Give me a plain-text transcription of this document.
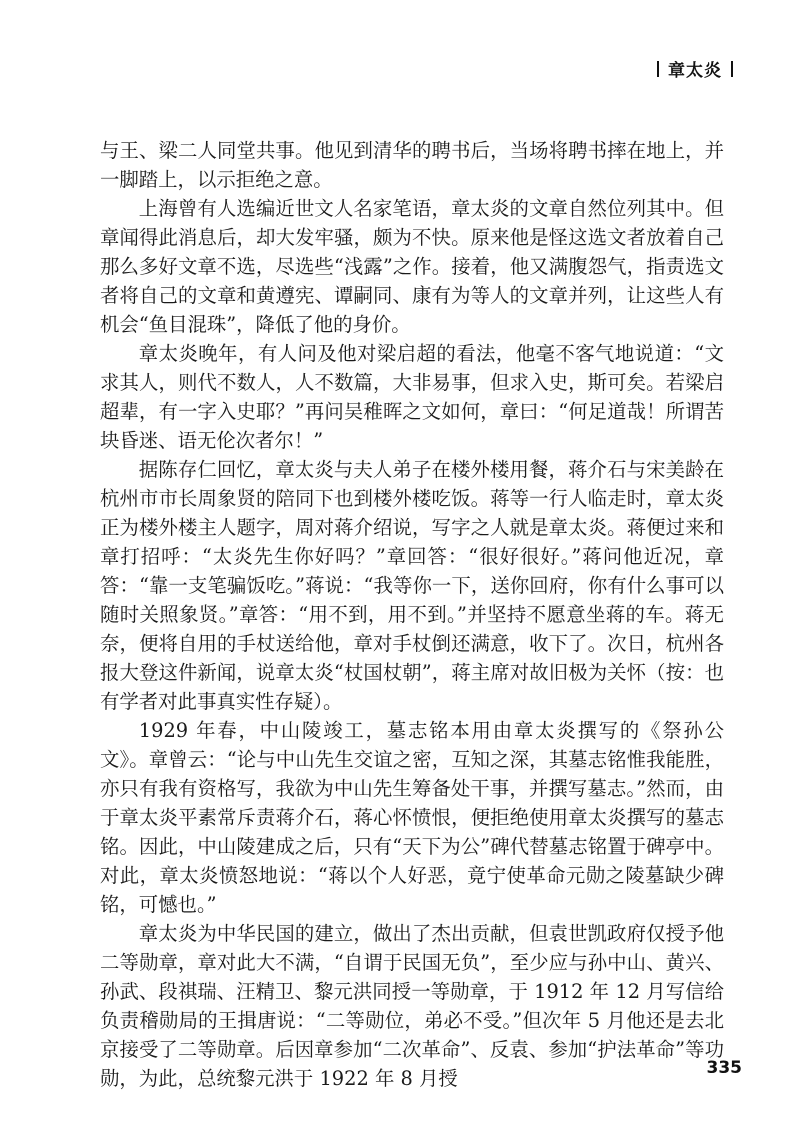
章太炎

与王、梁二人同堂共事。他见到清华的聘书后，当场将聘书摔在地上，并一脚踏上，以示拒绝之意。

上海曾有人选编近世文人名家笔语，章太炎的文章自然位列其中。但章闻得此消息后，却大发牢骚，颇为不快。原来他是怪这选文者放着自己那么多好文章不选，尽选些“浅露”之作。接着，他又满腹怨气，指责选文者将自己的文章和黄遵宪、谭嗣同、康有为等人的文章并列，让这些人有机会“鱼目混珠”，降低了他的身价。

章太炎晚年，有人问及他对梁启超的看法，他毫不客气地说道：“文求其人，则代不数人，人不数篇，大非易事，但求入史，斯可矣。若梁启超辈，有一字入史耶？”再问吴稚晖之文如何，章曰：“何足道哉！所谓苦块昏迷、语无伦次者尔！”

据陈存仁回忆，章太炎与夫人弟子在楼外楼用餐，蒋介石与宋美龄在杭州市市长周象贤的陪同下也到楼外楼吃饭。蒋等一行人临走时，章太炎正为楼外楼主人题字，周对蒋介绍说，写字之人就是章太炎。蒋便过来和章打招呼：“太炎先生你好吗？”章回答：“很好很好。”蒋问他近况，章答：“靠一支笔骗饭吃。”蒋说：“我等你一下，送你回府，你有什么事可以随时关照象贤。”章答：“用不到，用不到。”并坚持不愿意坐蒋的车。蒋无奈，便将自用的手杖送给他，章对手杖倒还满意，收下了。次日，杭州各报大登这件新闻，说章太炎“杖国杖朝”，蒋主席对故旧极为关怀（按：也有学者对此事真实性存疑）。

1929 年春，中山陵竣工，墓志铭本用由章太炎撰写的《祭孙公文》。章曾云：“论与中山先生交谊之密，互知之深，其墓志铭惟我能胜，亦只有我有资格写，我欲为中山先生筹备处干事，并撰写墓志。”然而，由于章太炎平素常斥责蒋介石，蒋心怀愤恨，便拒绝使用章太炎撰写的墓志铭。因此，中山陵建成之后，只有“天下为公”碑代替墓志铭置于碑亭中。对此，章太炎愤怒地说：“蒋以个人好恶，竟宁使革命元勋之陵墓缺少碑铭，可憾也。”

章太炎为中华民国的建立，做出了杰出贡献，但袁世凯政府仅授予他二等勋章，章对此大不满，“自谓于民国无负”，至少应与孙中山、黄兴、孙武、段祺瑞、汪精卫、黎元洪同授一等勋章，于 1912 年 12 月写信给负责稽勋局的王揖唐说：“二等勋位，弟必不受。”但次年 5 月他还是去北京接受了二等勋章。后因章参加“二次革命”、反袁、参加“护法革命”等功勋，为此，总统黎元洪于 1922 年 8 月授	335
